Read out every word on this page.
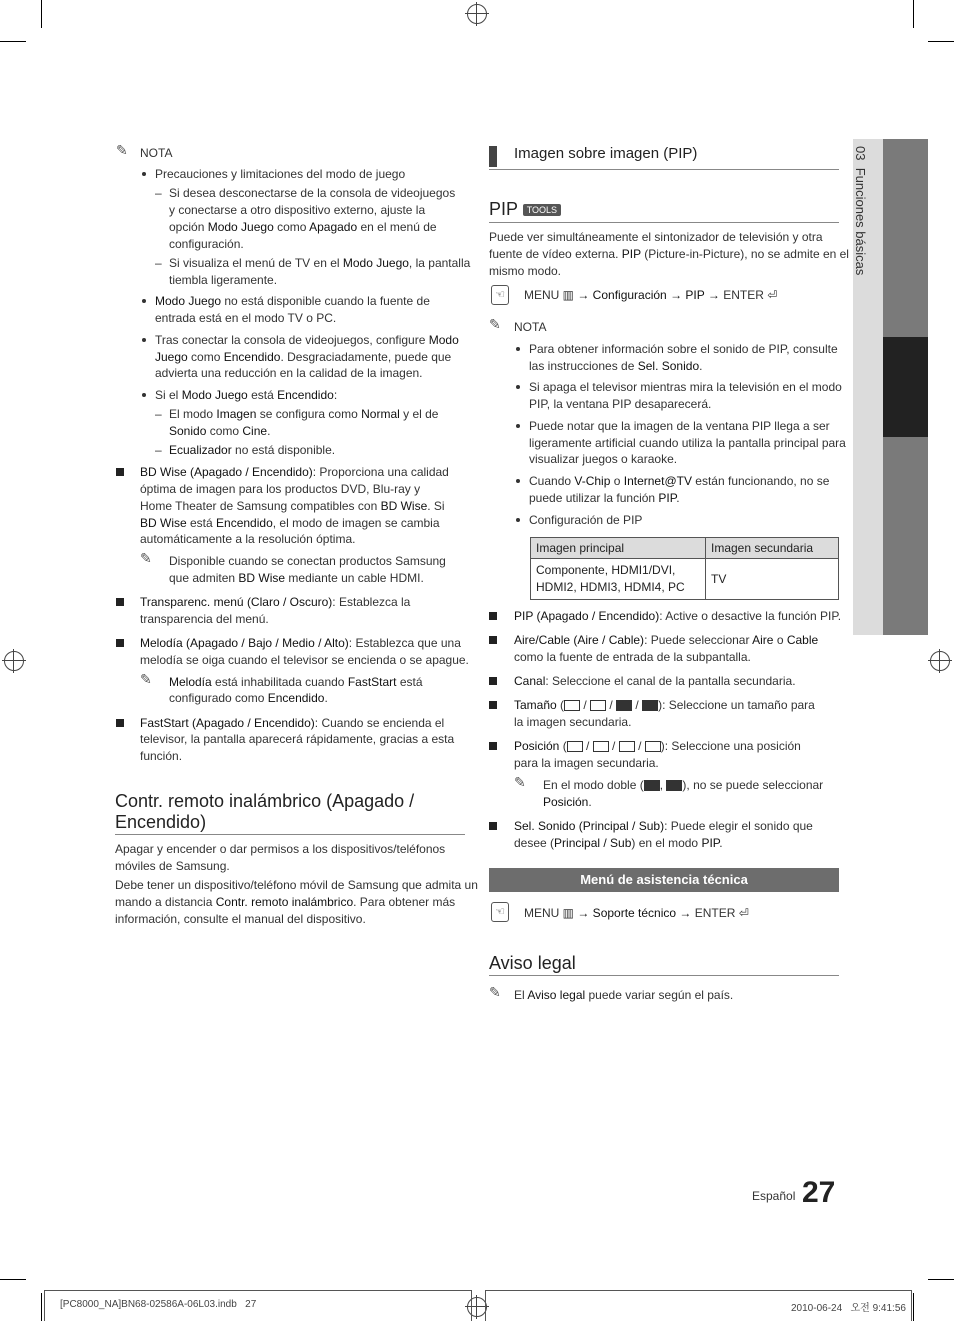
03  Funciones básicas
✎ NOTA
Precauciones y limitaciones del modo de juego
– Si desea desconectarse de la consola de videojuegos
y conectarse a otro dispositivo externo, ajuste la
opción Modo Juego como Apagado en el menú de
configuración.
– Si visualiza el menú de TV en el Modo Juego, la pantalla
tiembla ligeramente.
Modo Juego no está disponible cuando la fuente de
entrada está en el modo TV o PC.
Tras conectar la consola de videojuegos, configure Modo
Juego como Encendido. Desgraciadamente, puede que
advierta una reducción en la calidad de la imagen.
Si el Modo Juego está Encendido:
– El modo Imagen se configura como Normal y el de
Sonido como Cine.
– Ecualizador no está disponible.
BD Wise (Apagado / Encendido): Proporciona una calidad
óptima de imagen para los productos DVD, Blu-ray y
Home Theater de Samsung compatibles con BD Wise. Si
BD Wise está Encendido, el modo de imagen se cambia
automáticamente a la resolución óptima.
✎ Disponible cuando se conectan productos Samsung
que admiten BD Wise mediante un cable HDMI.
Transparenc. menú (Claro / Oscuro): Establezca la
transparencia del menú.
Melodía (Apagado / Bajo / Medio / Alto): Establezca que una
melodía se oiga cuando el televisor se encienda o se apague.
✎ Melodía está inhabilitada cuando FastStart está
configurado como Encendido.
FastStart (Apagado / Encendido): Cuando se encienda el
televisor, la pantalla aparecerá rápidamente, gracias a esta
función.
Contr. remoto inalámbrico (Apagado /
Encendido)
Apagar y encender o dar permisos a los dispositivos/teléfonos
móviles de Samsung.
Debe tener un dispositivo/teléfono móvil de Samsung que admita un
mando a distancia Contr. remoto inalámbrico. Para obtener más
información, consulte el manual del dispositivo.
Imagen sobre imagen (PIP)
PIP TOOLS
Puede ver simultáneamente el sintonizador de televisión y otra
fuente de vídeo externa. PIP (Picture-in-Picture), no se admite en el
mismo modo.
☜	MENU ▥ → Configuración → PIP → ENTER ⏎
✎ NOTA
Para obtener información sobre el sonido de PIP, consulte
las instrucciones de Sel. Sonido.
Si apaga el televisor mientras mira la televisión en el modo
PIP, la ventana PIP desaparecerá.
Puede notar que la imagen de la ventana PIP llega a ser
ligeramente artificial cuando utiliza la pantalla principal para
visualizar juegos o karaoke.
Cuando V-Chip o Internet@TV están funcionando, no se
puede utilizar la función PIP.
Configuración de PIP
Imagen principal	Imagen secundaria
Componente, HDMI1/DVI,
HDMI2, HDMI3, HDMI4, PC	TV
PIP (Apagado / Encendido): Active o desactive la función PIP.
Aire/Cable (Aire / Cable): Puede seleccionar Aire o Cable
como la fuente de entrada de la subpantalla.
Canal: Seleccione el canal de la pantalla secundaria.
Tamaño ( /  /  / ): Seleccione un tamaño para
la imagen secundaria.
Posición ( /  /  / ): Seleccione una posición
para la imagen secundaria.
✎ En el modo doble ( , ), no se puede seleccionar
Posición.
Sel. Sonido (Principal / Sub): Puede elegir el sonido que
desee (Principal / Sub) en el modo PIP.
Menú de asistencia técnica
☜	MENU ▥ → Soporte técnico → ENTER ⏎
Aviso legal
✎ El Aviso legal puede variar según el país.
Español 27
[PC8000_NA]BN68-02586A-06L03.indb   27	2010-06-24   오전 9:41:56
